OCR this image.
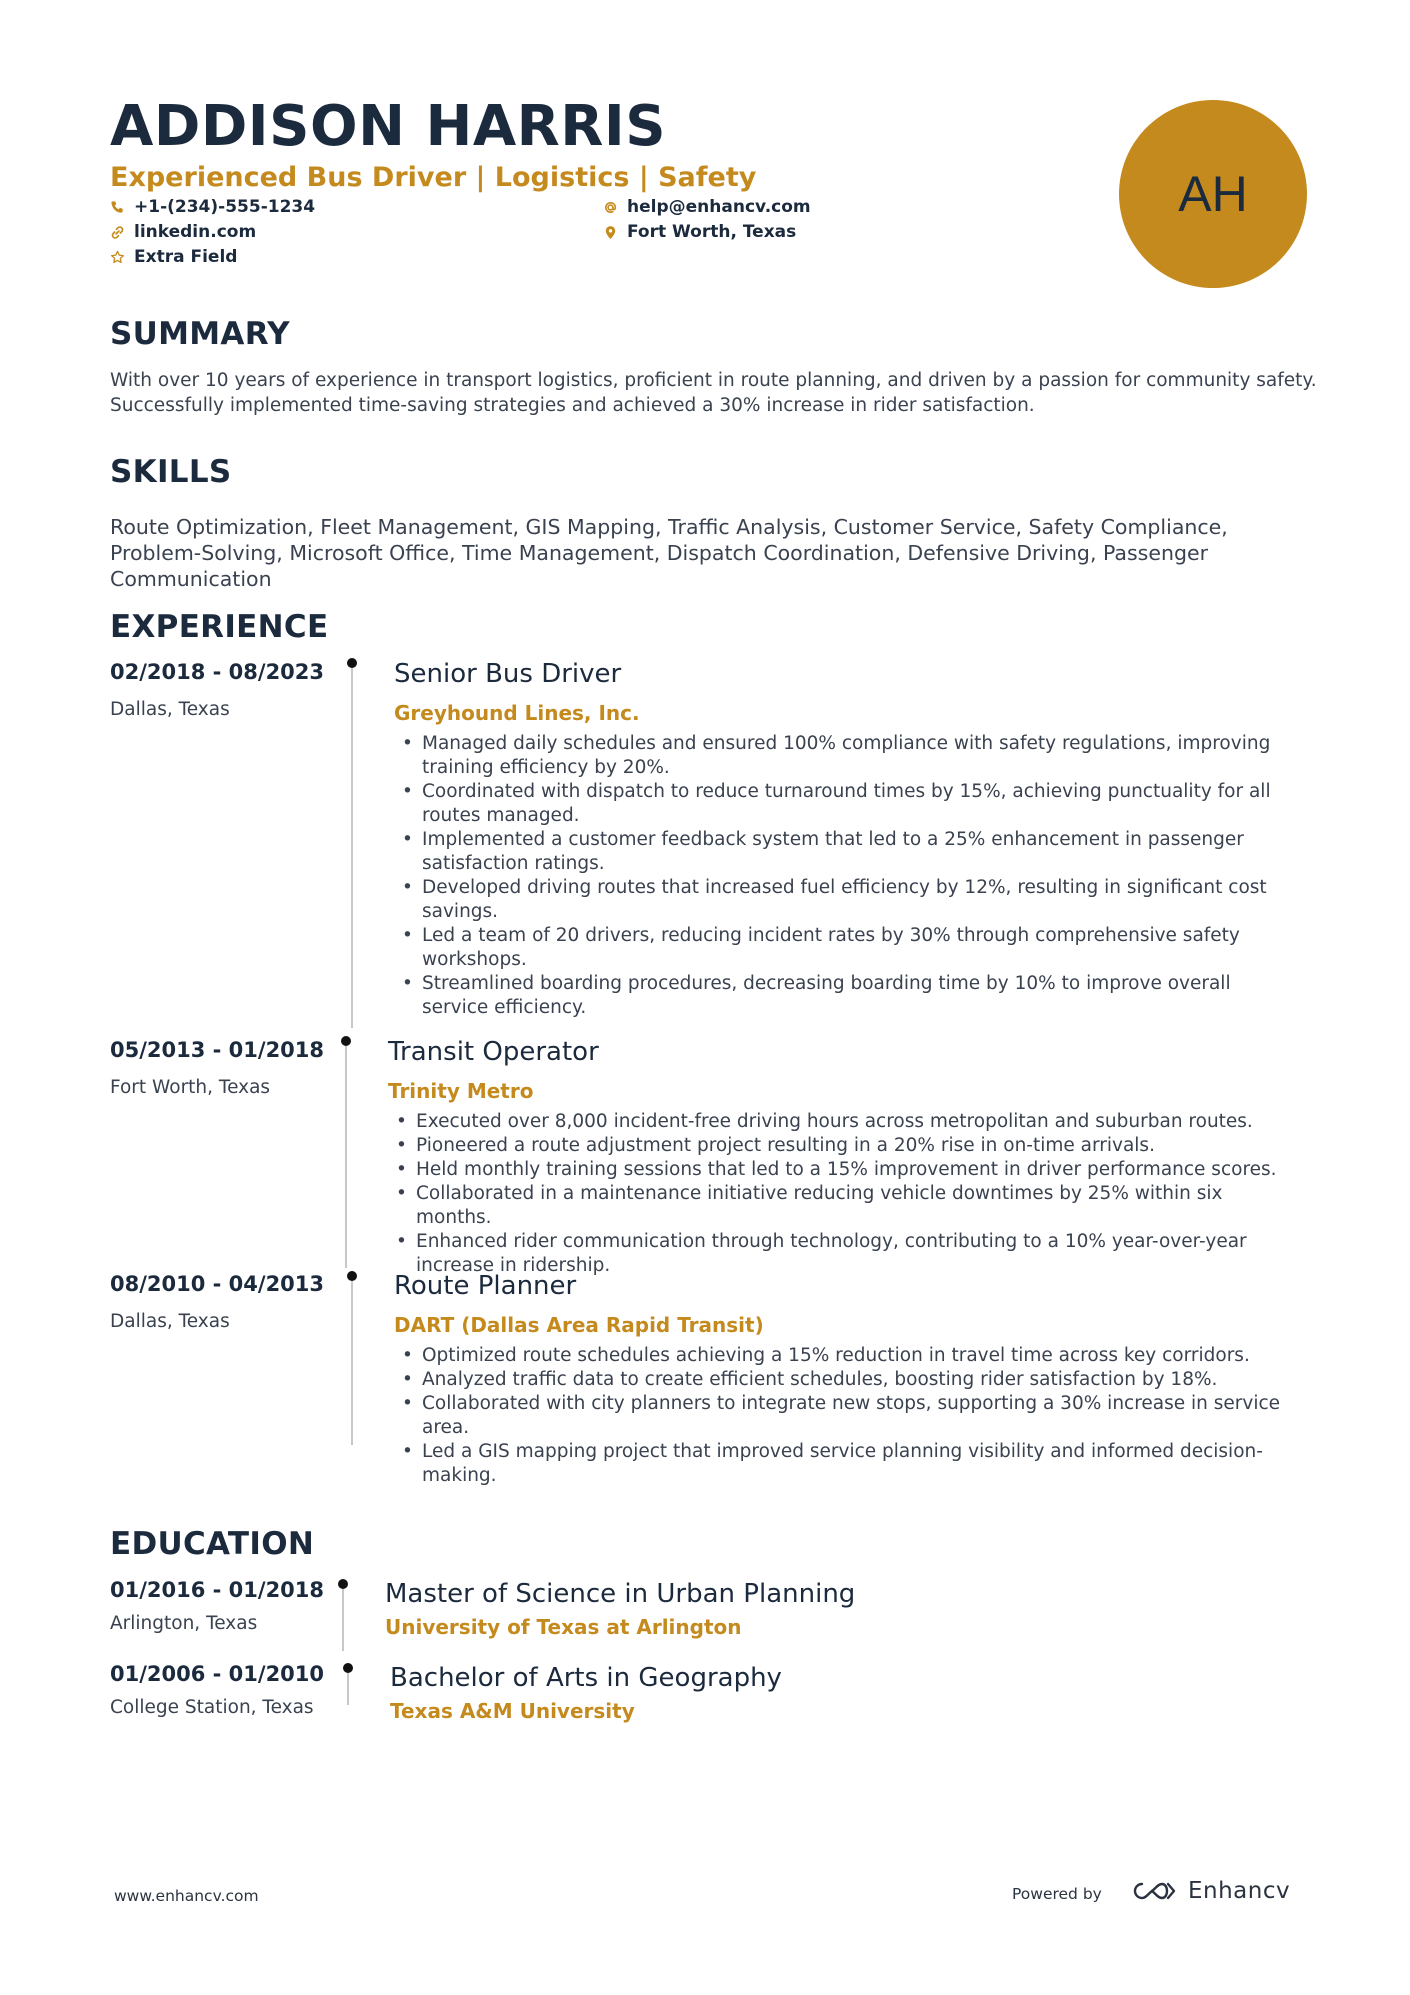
ADDISON HARRIS
Experienced Bus Driver | Logistics | Safety
+1-(234)-555-1234
linkedin.com
Extra Field
help@enhancv.com
Fort Worth, Texas
AH
SUMMARY
With over 10 years of experience in transport logistics, proficient in route planning, and driven by a passion for community safety.
Successfully implemented time-saving strategies and achieved a 30% increase in rider satisfaction.
SKILLS
Route Optimization, Fleet Management, GIS Mapping, Traffic Analysis, Customer Service, Safety Compliance, Problem-Solving, Microsoft Office, Time Management, Dispatch Coordination, Defensive Driving, Passenger Communication
EXPERIENCE
02/2018 - 08/2023
Dallas, Texas
Senior Bus Driver
Greyhound Lines, Inc.
• Managed daily schedules and ensured 100% compliance with safety regulations, improving training efficiency by 20%.
• Coordinated with dispatch to reduce turnaround times by 15%, achieving punctuality for all routes managed.
• Implemented a customer feedback system that led to a 25% enhancement in passenger satisfaction ratings.
• Developed driving routes that increased fuel efficiency by 12%, resulting in significant cost savings.
• Led a team of 20 drivers, reducing incident rates by 30% through comprehensive safety workshops.
• Streamlined boarding procedures, decreasing boarding time by 10% to improve overall service efficiency.
05/2013 - 01/2018
Fort Worth, Texas
Transit Operator
Trinity Metro
• Executed over 8,000 incident-free driving hours across metropolitan and suburban routes.
• Pioneered a route adjustment project resulting in a 20% rise in on-time arrivals.
• Held monthly training sessions that led to a 15% improvement in driver performance scores.
• Collaborated in a maintenance initiative reducing vehicle downtimes by 25% within six months.
• Enhanced rider communication through technology, contributing to a 10% year-over-year increase in ridership.
08/2010 - 04/2013
Dallas, Texas
Route Planner
DART (Dallas Area Rapid Transit)
• Optimized route schedules achieving a 15% reduction in travel time across key corridors.
• Analyzed traffic data to create efficient schedules, boosting rider satisfaction by 18%.
• Collaborated with city planners to integrate new stops, supporting a 30% increase in service area.
• Led a GIS mapping project that improved service planning visibility and informed decision-making.
EDUCATION
01/2016 - 01/2018
Arlington, Texas
Master of Science in Urban Planning
University of Texas at Arlington
01/2006 - 01/2010
College Station, Texas
Bachelor of Arts in Geography
Texas A&M University
www.enhancv.com	Powered by	Enhancv
